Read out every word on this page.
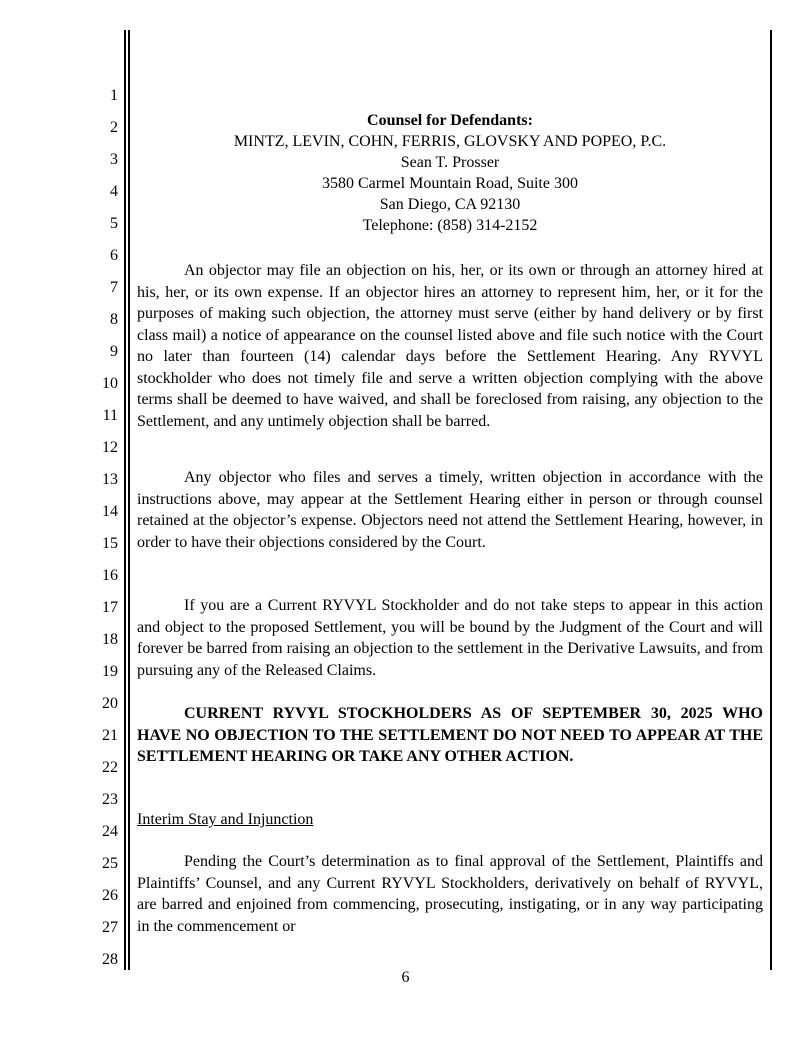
1
2
3
4
5
6
7
8
9
10
11
12
13
14
15
16
17
18
19
20
21
22
23
24
25
26
27
28
Counsel for Defendants:
MINTZ, LEVIN, COHN, FERRIS, GLOVSKY AND POPEO, P.C.
Sean T. Prosser
3580 Carmel Mountain Road, Suite 300
San Diego, CA 92130
Telephone: (858) 314-2152

An objector may file an objection on his, her, or its own or through an attorney hired at his, her, or its own expense. If an objector hires an attorney to represent him, her, or it for the purposes of making such objection, the attorney must serve (either by hand delivery or by first class mail) a notice of appearance on the counsel listed above and file such notice with the Court no later than fourteen (14) calendar days before the Settlement Hearing. Any RYVYL stockholder who does not timely file and serve a written objection complying with the above terms shall be deemed to have waived, and shall be foreclosed from raising, any objection to the Settlement, and any untimely objection shall be barred.

Any objector who files and serves a timely, written objection in accordance with the instructions above, may appear at the Settlement Hearing either in person or through counsel retained at the objector’s expense. Objectors need not attend the Settlement Hearing, however, in order to have their objections considered by the Court.

If you are a Current RYVYL Stockholder and do not take steps to appear in this action and object to the proposed Settlement, you will be bound by the Judgment of the Court and will forever be barred from raising an objection to the settlement in the Derivative Lawsuits, and from pursuing any of the Released Claims.

CURRENT RYVYL STOCKHOLDERS AS OF SEPTEMBER 30, 2025 WHO HAVE NO OBJECTION TO THE SETTLEMENT DO NOT NEED TO APPEAR AT THE SETTLEMENT HEARING OR TAKE ANY OTHER ACTION.

Interim Stay and Injunction

Pending the Court’s determination as to final approval of the Settlement, Plaintiffs and Plaintiffs’ Counsel, and any Current RYVYL Stockholders, derivatively on behalf of RYVYL, are barred and enjoined from commencing, prosecuting, instigating, or in any way participating in the commencement or

6
